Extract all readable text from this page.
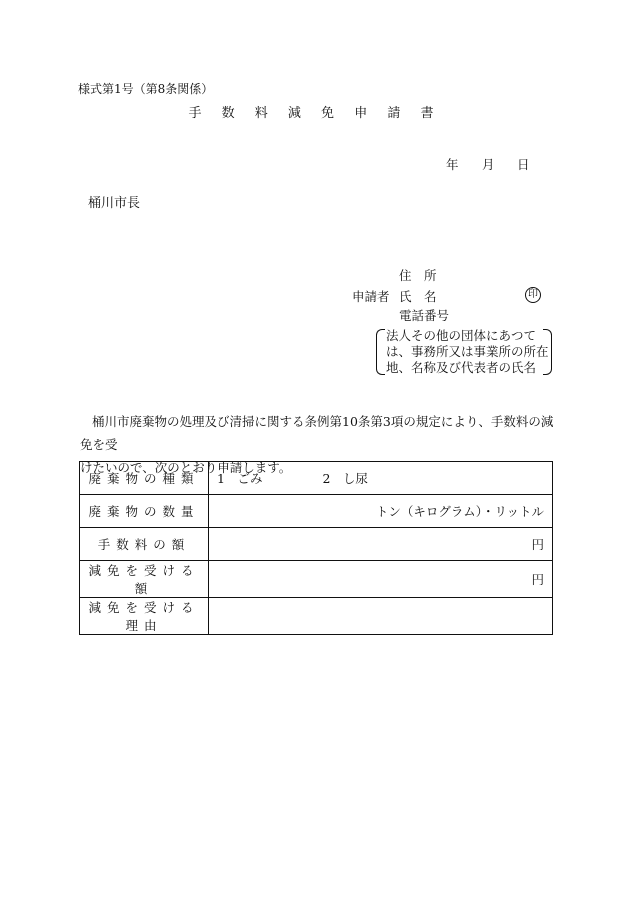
様式第1号（第8条関係）
手 数 料 減 免 申 請 書
年 月 日
桶川市長
住　所
申請者 氏　名	印
電話番号
法人その他の団体にあつて
は、事務所又は事業所の所在
地、名称及び代表者の氏名
桶川市廃棄物の処理及び清掃に関する条例第10条第3項の規定により、手数料の減免を受
けたいので、次のとおり申請します。
廃棄物の種類	1　ごみ 2　し尿
廃棄物の数量	トン（キログラム）・リットル
手数料の額	円
減免を受ける額	円
減免を受ける理由	
